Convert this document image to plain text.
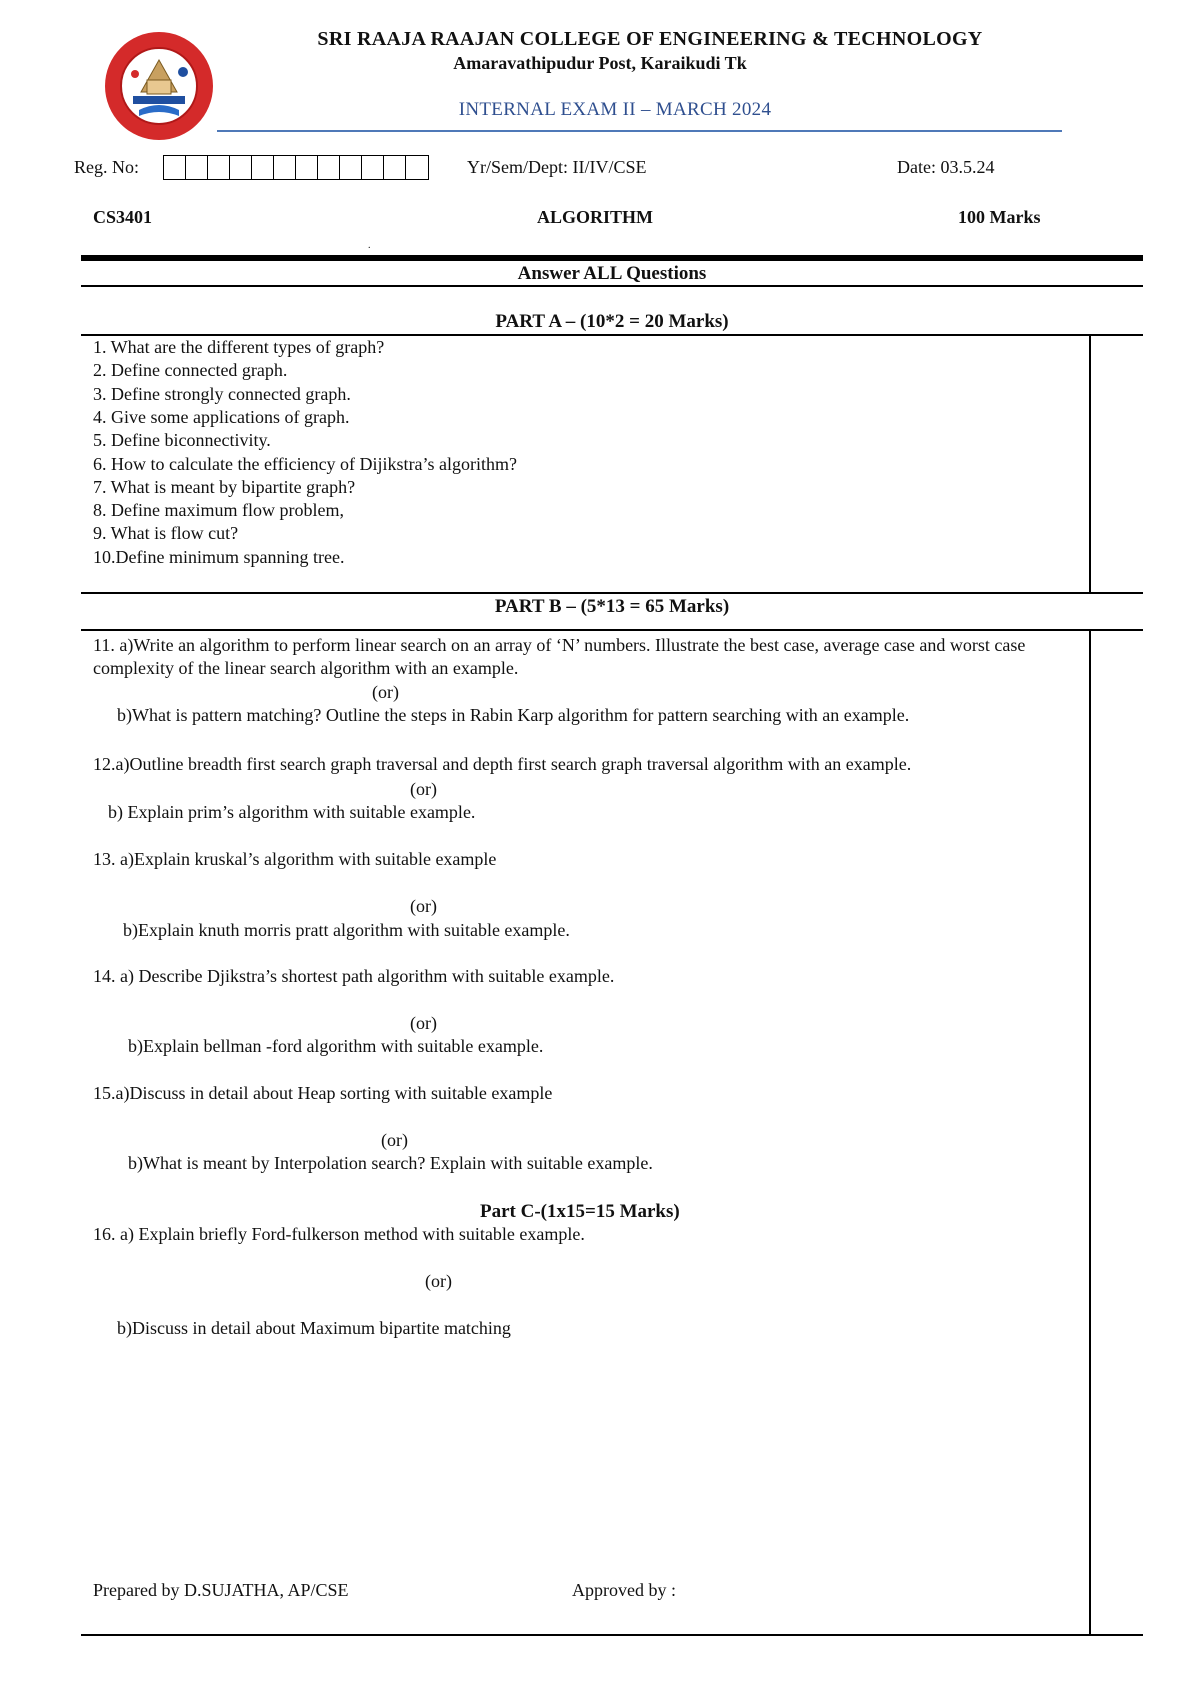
SRI RAAJA RAAJAN COLLEGE OF ENGINEERING & TECHNOLOGY
Amaravathipudur Post, Karaikudi Tk
INTERNAL EXAM II – MARCH 2024
Reg. No:	Yr/Sem/Dept: II/IV/CSE	Date: 03.5.24
CS3401	ALGORITHM	100 Marks
.
Answer ALL Questions
PART A – (10*2 = 20 Marks)
1. What are the different types of graph?
2. Define connected graph.
3. Define strongly connected graph.
4. Give some applications of graph.
5. Define biconnectivity.
6. How to calculate the efficiency of Dijikstra’s algorithm?
7. What is meant by bipartite graph?
8. Define maximum flow problem,
9. What is flow cut?
10.Define minimum spanning tree.
PART B – (5*13 = 65 Marks)
11. a)Write an algorithm to perform linear search on an array of ‘N’ numbers. Illustrate the best case, average case and worst case complexity of the linear search algorithm with an example.
(or)
b)What is pattern matching? Outline the steps in Rabin Karp algorithm for pattern searching with an example.
12.a)Outline breadth first search graph traversal and depth first search graph traversal algorithm with an example.
(or)
b) Explain prim’s algorithm with suitable example.
13. a)Explain kruskal’s algorithm with suitable example
(or)
b)Explain knuth morris pratt algorithm with suitable example.
14. a) Describe Djikstra’s shortest path algorithm with suitable example.
(or)
b)Explain bellman -ford algorithm with suitable example.
15.a)Discuss in detail about Heap sorting with suitable example
(or)
b)What is meant by Interpolation search? Explain with suitable example.
Part C-(1x15=15 Marks)
16. a) Explain briefly Ford-fulkerson method with suitable example.
(or)
b)Discuss in detail about Maximum bipartite matching
Prepared by D.SUJATHA, AP/CSE	Approved by :
